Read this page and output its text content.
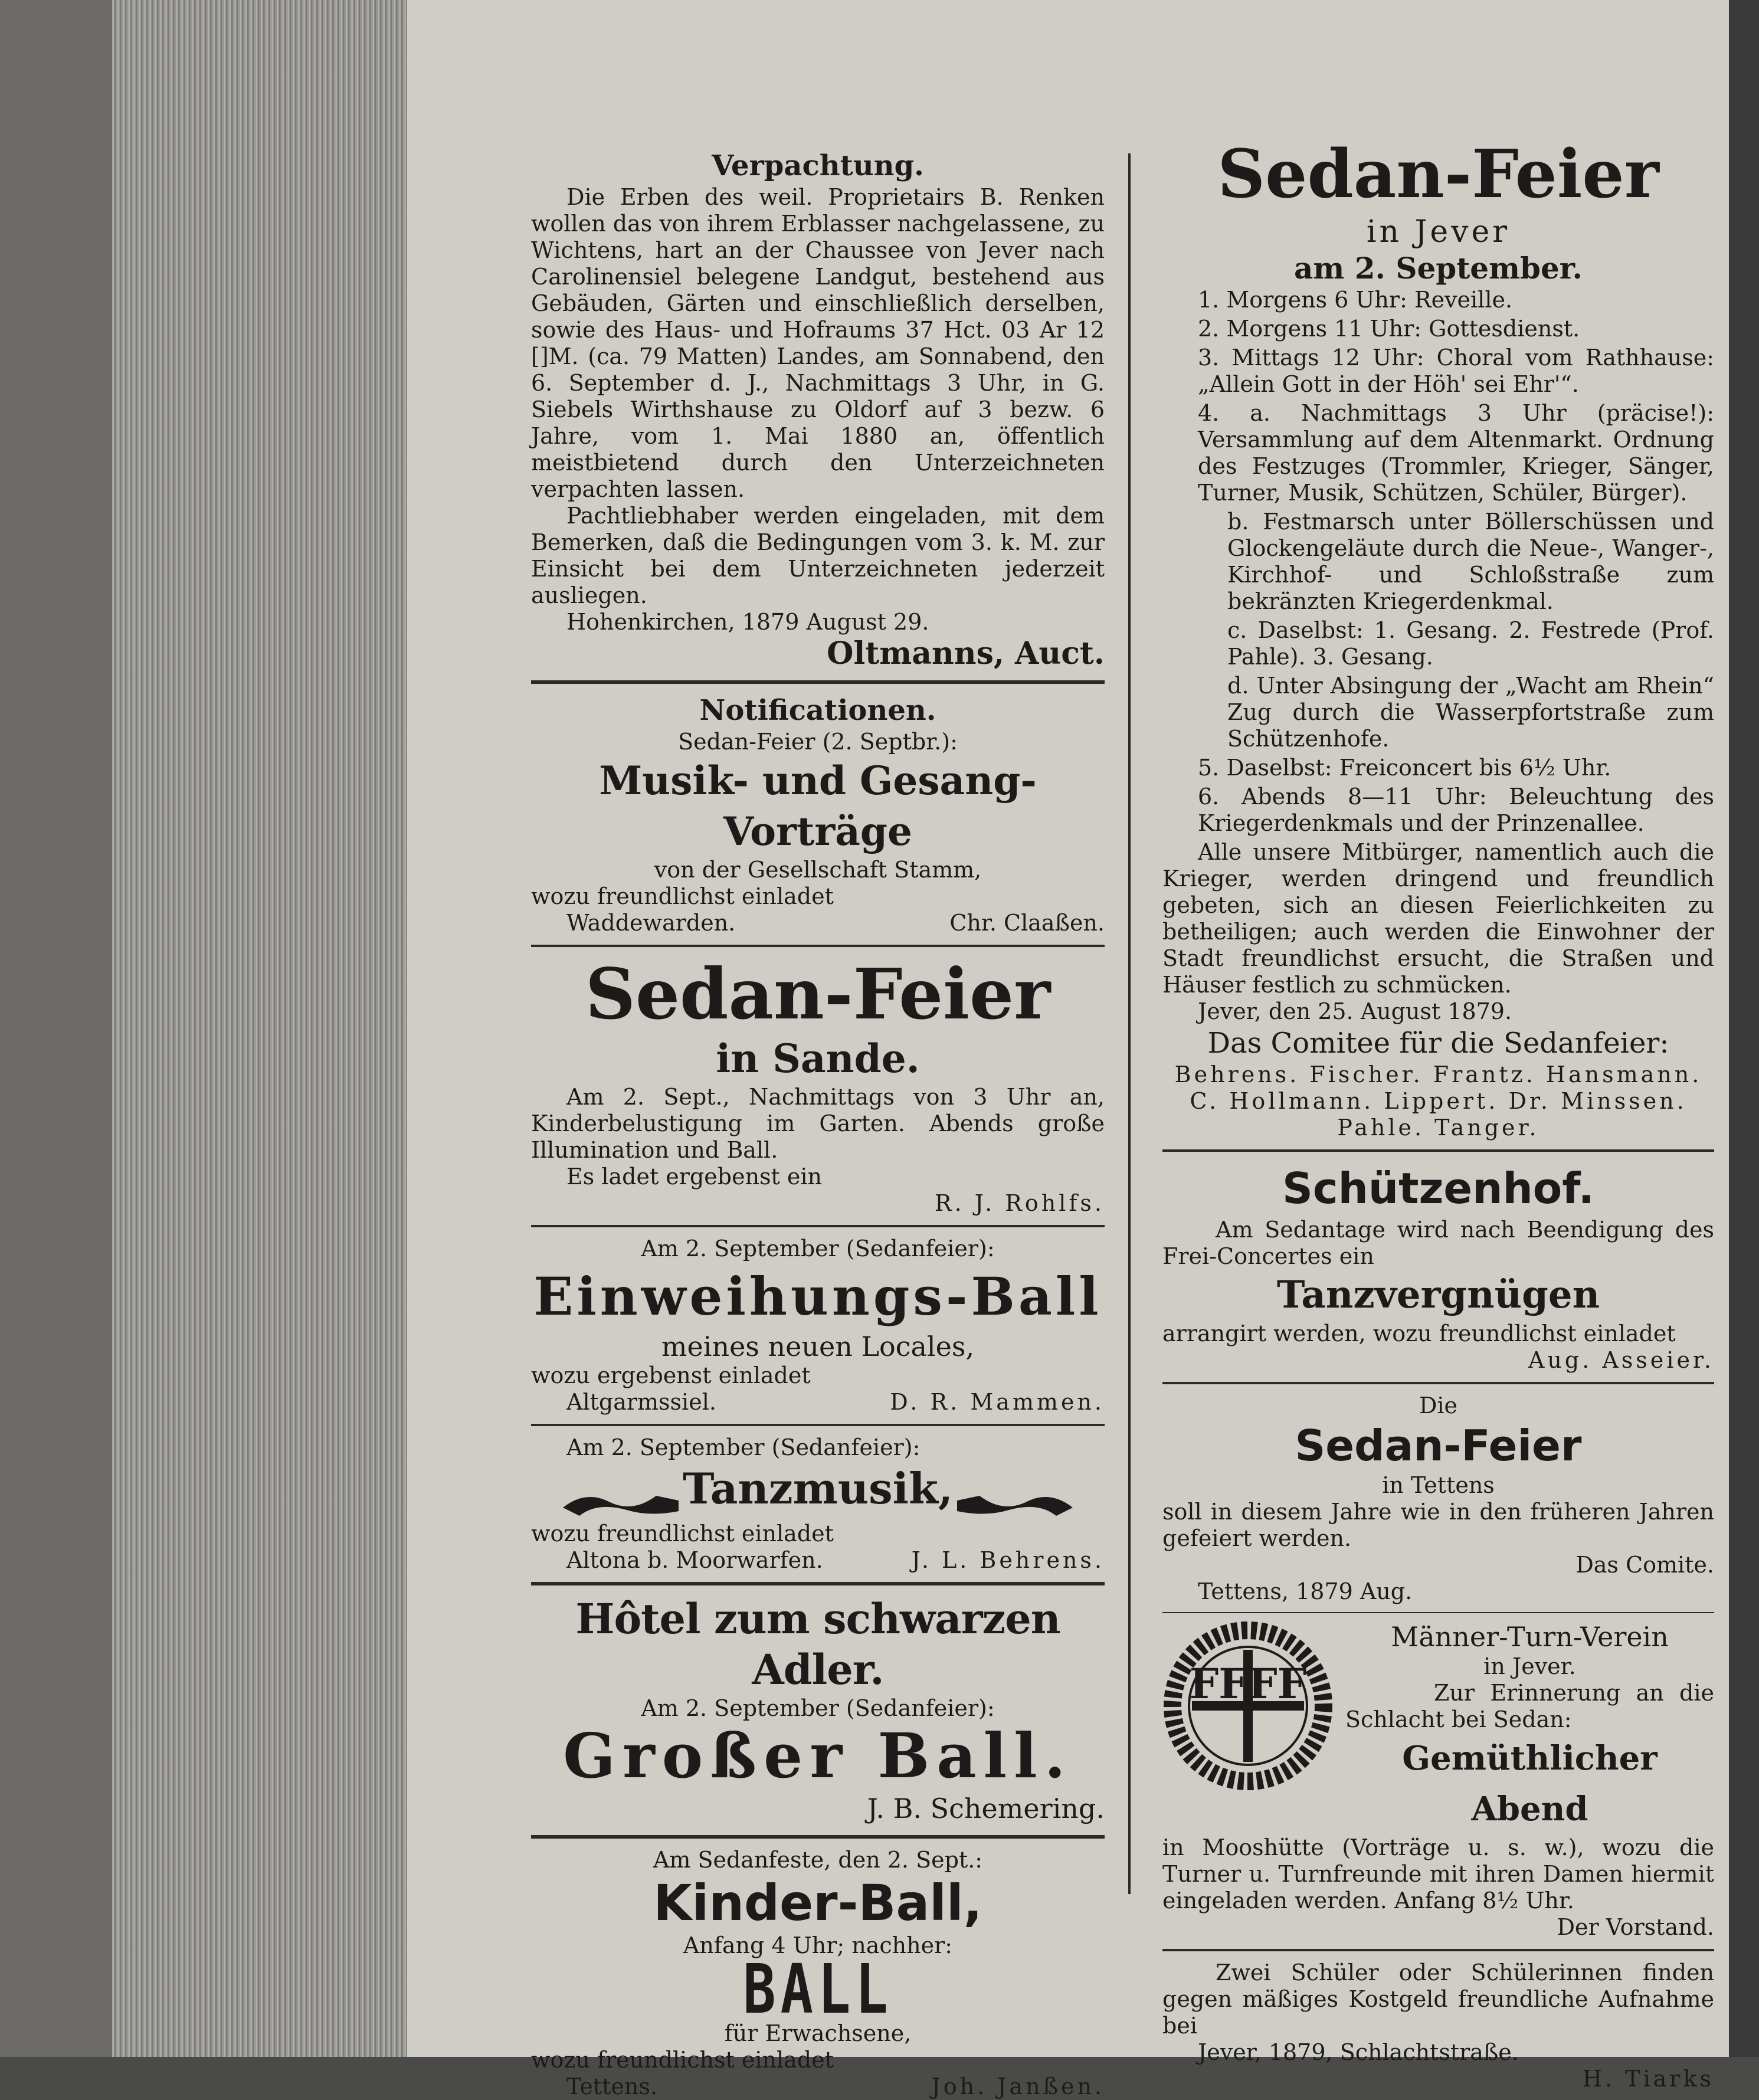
Verpachtung.

Die Erben des weil. Proprietairs B. Renken wollen das von ihrem Erblasser nachgelassene, zu Wichtens, hart an der Chaussee von Jever nach Carolinensiel belegene Landgut, bestehend aus Gebäuden, Gärten und einschließlich derselben, sowie des Haus- und Hofraums 37 Hct. 03 Ar 12 []M. (ca. 79 Matten) Landes, am Sonnabend, den 6. September d. J., Nachmittags 3 Uhr, in G. Siebels Wirthshause zu Oldorf auf 3 bezw. 6 Jahre, vom 1. Mai 1880 an, öffentlich meistbietend durch den Unterzeichneten verpachten lassen.

Pachtliebhaber werden eingeladen, mit dem Bemerken, daß die Bedingungen vom 3. k. M. zur Einsicht bei dem Unterzeichneten jederzeit ausliegen.

Hohenkirchen, 1879 August 29.

Oltmanns, Auct.

Notificationen.

Sedan-Feier (2. Septbr.):

Musik- und Gesang-

Vorträge

von der Gesellschaft Stamm,

wozu freundlichst einladet

Waddewarden.	Chr. Claaßen.

Sedan-Feier

in Sande.

Am 2. Sept., Nachmittags von 3 Uhr an, Kinderbelustigung im Garten. Abends große Illumination und Ball.

Es ladet ergebenst ein

R. J. Rohlfs.

Am 2. September (Sedanfeier):

Einweihungs-Ball

meines neuen Locales,

wozu ergebenst einladet

Altgarmssiel.	D. R. Mammen.

Am 2. September (Sedanfeier):

Tanzmusik,

wozu freundlichst einladet

Altona b. Moorwarfen.	J. L. Behrens.

Hôtel zum schwarzen Adler.

Am 2. September (Sedanfeier):

Großer Ball.

J. B. Schemering.

Am Sedanfeste, den 2. Sept.:

Kinder-Ball,

Anfang 4 Uhr; nachher:

BALL

für Erwachsene,

wozu freundlichst einladet

Tettens.	Joh. Janßen.

Sedan-Feier

in Jever

am 2. September.

1. Morgens 6 Uhr: Reveille.

2. Morgens 11 Uhr: Gottesdienst.

3. Mittags 12 Uhr: Choral vom Rathhause: „Allein Gott in der Höh' sei Ehr'“.

4. a. Nachmittags 3 Uhr (präcise!): Versammlung auf dem Altenmarkt. Ordnung des Festzuges (Trommler, Krieger, Sänger, Turner, Musik, Schützen, Schüler, Bürger).

b. Festmarsch unter Böllerschüssen und Glockengeläute durch die Neue-, Wanger-, Kirchhof- und Schloßstraße zum bekränzten Kriegerdenkmal.

c. Daselbst: 1. Gesang. 2. Festrede (Prof. Pahle). 3. Gesang.

d. Unter Absingung der „Wacht am Rhein“ Zug durch die Wasserpfortstraße zum Schützenhofe.

5. Daselbst: Freiconcert bis 6½ Uhr.

6. Abends 8—11 Uhr: Beleuchtung des Kriegerdenkmals und der Prinzenallee.

Alle unsere Mitbürger, namentlich auch die Krieger, werden dringend und freundlich gebeten, sich an diesen Feierlichkeiten zu betheiligen; auch werden die Einwohner der Stadt freundlichst ersucht, die Straßen und Häuser festlich zu schmücken.

Jever, den 25. August 1879.

Das Comitee für die Sedanfeier:

Behrens. Fischer. Frantz. Hansmann.

C. Hollmann. Lippert. Dr. Minssen.

Pahle. Tanger.

Schützenhof.

Am Sedantage wird nach Beendigung des Frei-Concertes ein

Tanzvergnügen

arrangirt werden, wozu freundlichst einladet

Aug. Asseier.

Die

Sedan-Feier

in Tettens

soll in diesem Jahre wie in den früheren Jahren gefeiert werden.

Das Comite.

Tettens, 1879 Aug.

FFFF

Männer-Turn-Verein

in Jever.

Zur Erinnerung an die Schlacht bei Sedan:

Gemüthlicher Abend

in Mooshütte (Vorträge u. s. w.), wozu die Turner u. Turnfreunde mit ihren Damen hiermit eingeladen werden. Anfang 8½ Uhr.

Der Vorstand.

Zwei Schüler oder Schülerinnen finden gegen mäßiges Kostgeld freundliche Aufnahme bei

Jever, 1879, Schlachtstraße.

H. Tiarks
